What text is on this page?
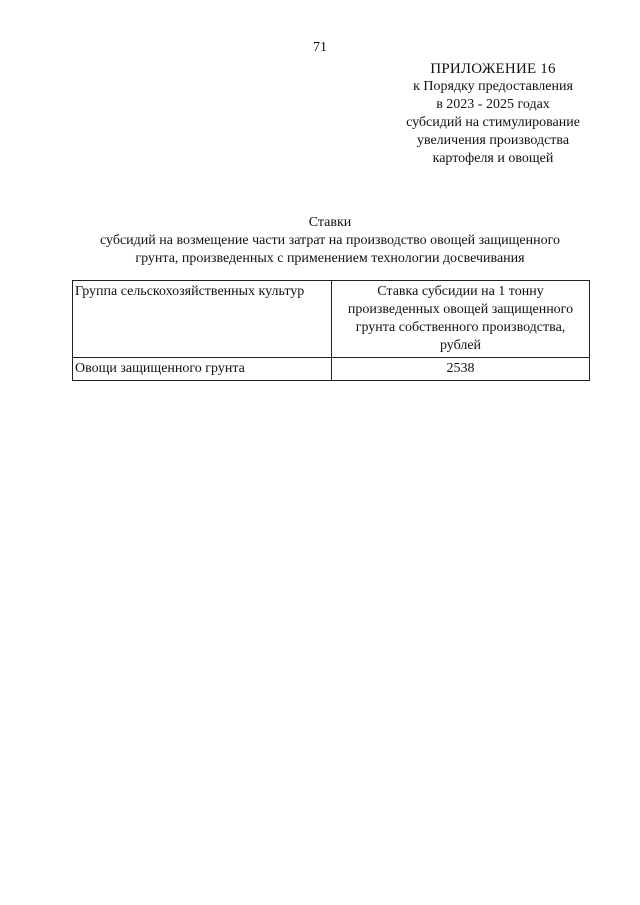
71
ПРИЛОЖЕНИЕ 16
к Порядку предоставления
в 2023 - 2025 годах
субсидий на стимулирование
увеличения производства
картофеля и овощей
Ставки
субсидий на возмещение части затрат на производство овощей защищенного
грунта, произведенных с применением технологии досвечивания
Группа сельскохозяйственных культур	Ставка субсидии на 1 тонну произведенных овощей защищенного грунта собственного производства, рублей
Овощи защищенного грунта	2538
